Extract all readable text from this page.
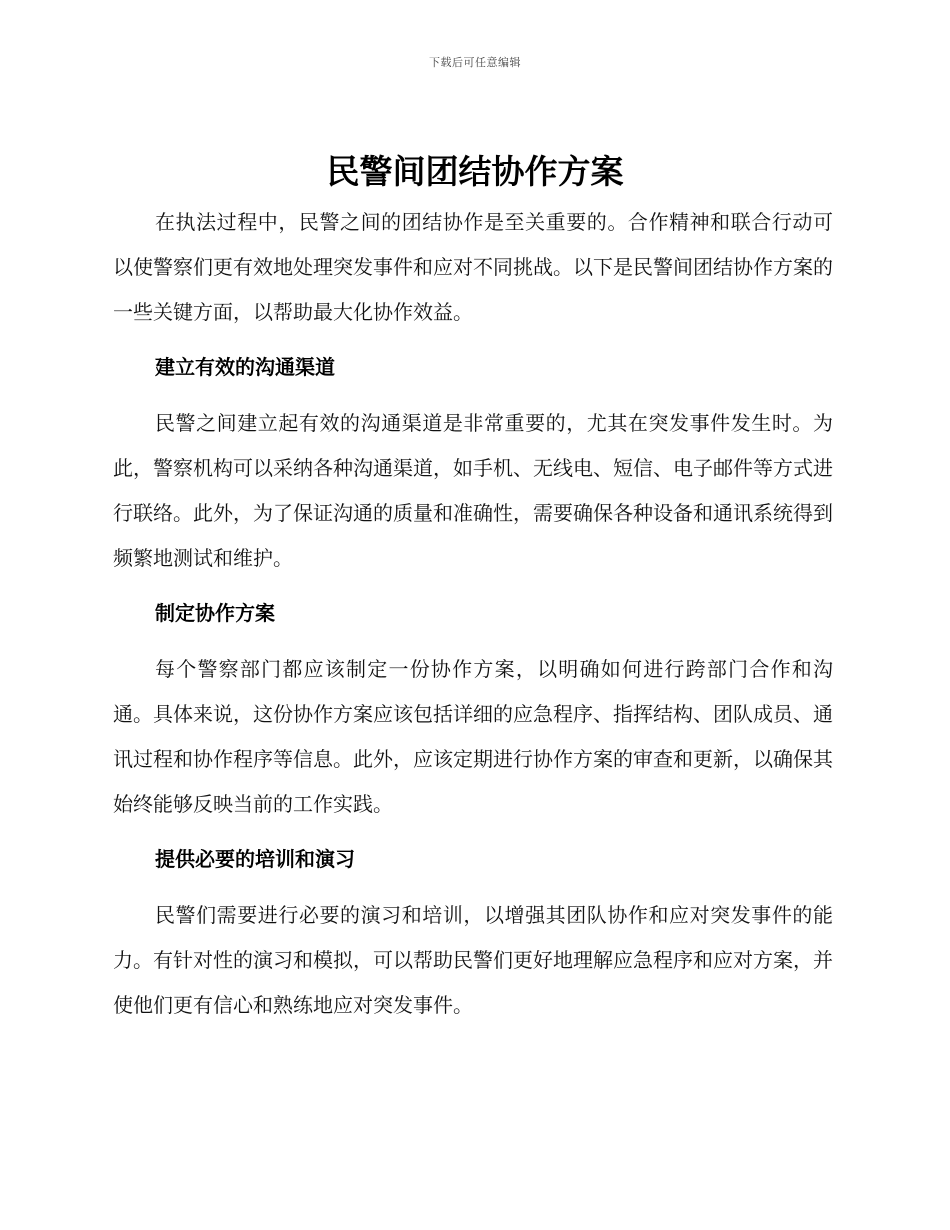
下载后可任意编辑
民警间团结协作方案

在执法过程中，民警之间的团结协作是至关重要的。合作精神和联合行动可以使警察们更有效地处理突发事件和应对不同挑战。以下是民警间团结协作方案的一些关键方面，以帮助最大化协作效益。

建立有效的沟通渠道

民警之间建立起有效的沟通渠道是非常重要的，尤其在突发事件发生时。为此，警察机构可以采纳各种沟通渠道，如手机、无线电、短信、电子邮件等方式进行联络。此外，为了保证沟通的质量和准确性，需要确保各种设备和通讯系统得到频繁地测试和维护。

制定协作方案

每个警察部门都应该制定一份协作方案，以明确如何进行跨部门合作和沟通。具体来说，这份协作方案应该包括详细的应急程序、指挥结构、团队成员、通讯过程和协作程序等信息。此外，应该定期进行协作方案的审查和更新，以确保其始终能够反映当前的工作实践。

提供必要的培训和演习

民警们需要进行必要的演习和培训，以增强其团队协作和应对突发事件的能力。有针对性的演习和模拟，可以帮助民警们更好地理解应急程序和应对方案，并使他们更有信心和熟练地应对突发事件。
